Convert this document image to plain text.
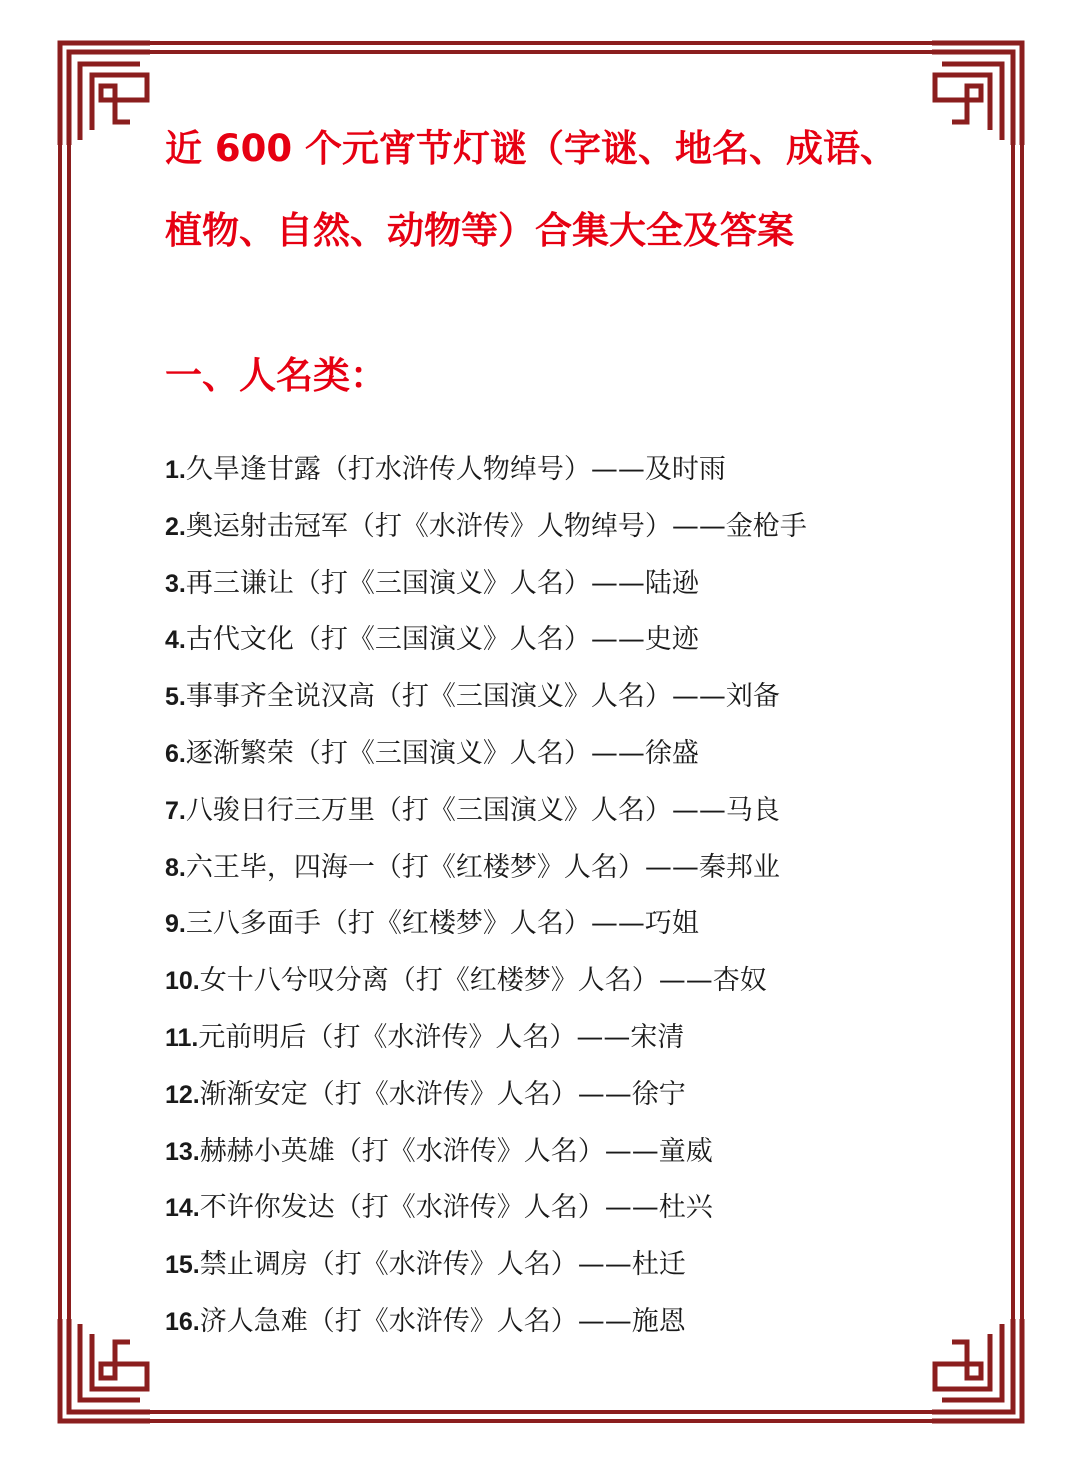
近 600 个元宵节灯谜（字谜、地名、成语、
植物、自然、动物等）合集大全及答案
一、人名类：
1.久旱逢甘露（打水浒传人物绰号）——及时雨
2.奥运射击冠军（打《水浒传》人物绰号）——金枪手
3.再三谦让（打《三国演义》人名）——陆逊
4.古代文化（打《三国演义》人名）——史迹
5.事事齐全说汉高（打《三国演义》人名）——刘备
6.逐渐繁荣（打《三国演义》人名）——徐盛
7.八骏日行三万里（打《三国演义》人名）——马良
8.六王毕，四海一（打《红楼梦》人名）——秦邦业
9.三八多面手（打《红楼梦》人名）——巧姐
10.女十八兮叹分离（打《红楼梦》人名）——杏奴
11.元前明后（打《水浒传》人名）——宋清
12.渐渐安定（打《水浒传》人名）——徐宁
13.赫赫小英雄（打《水浒传》人名）——童威
14.不许你发达（打《水浒传》人名）——杜兴
15.禁止调房（打《水浒传》人名）——杜迁
16.济人急难（打《水浒传》人名）——施恩
